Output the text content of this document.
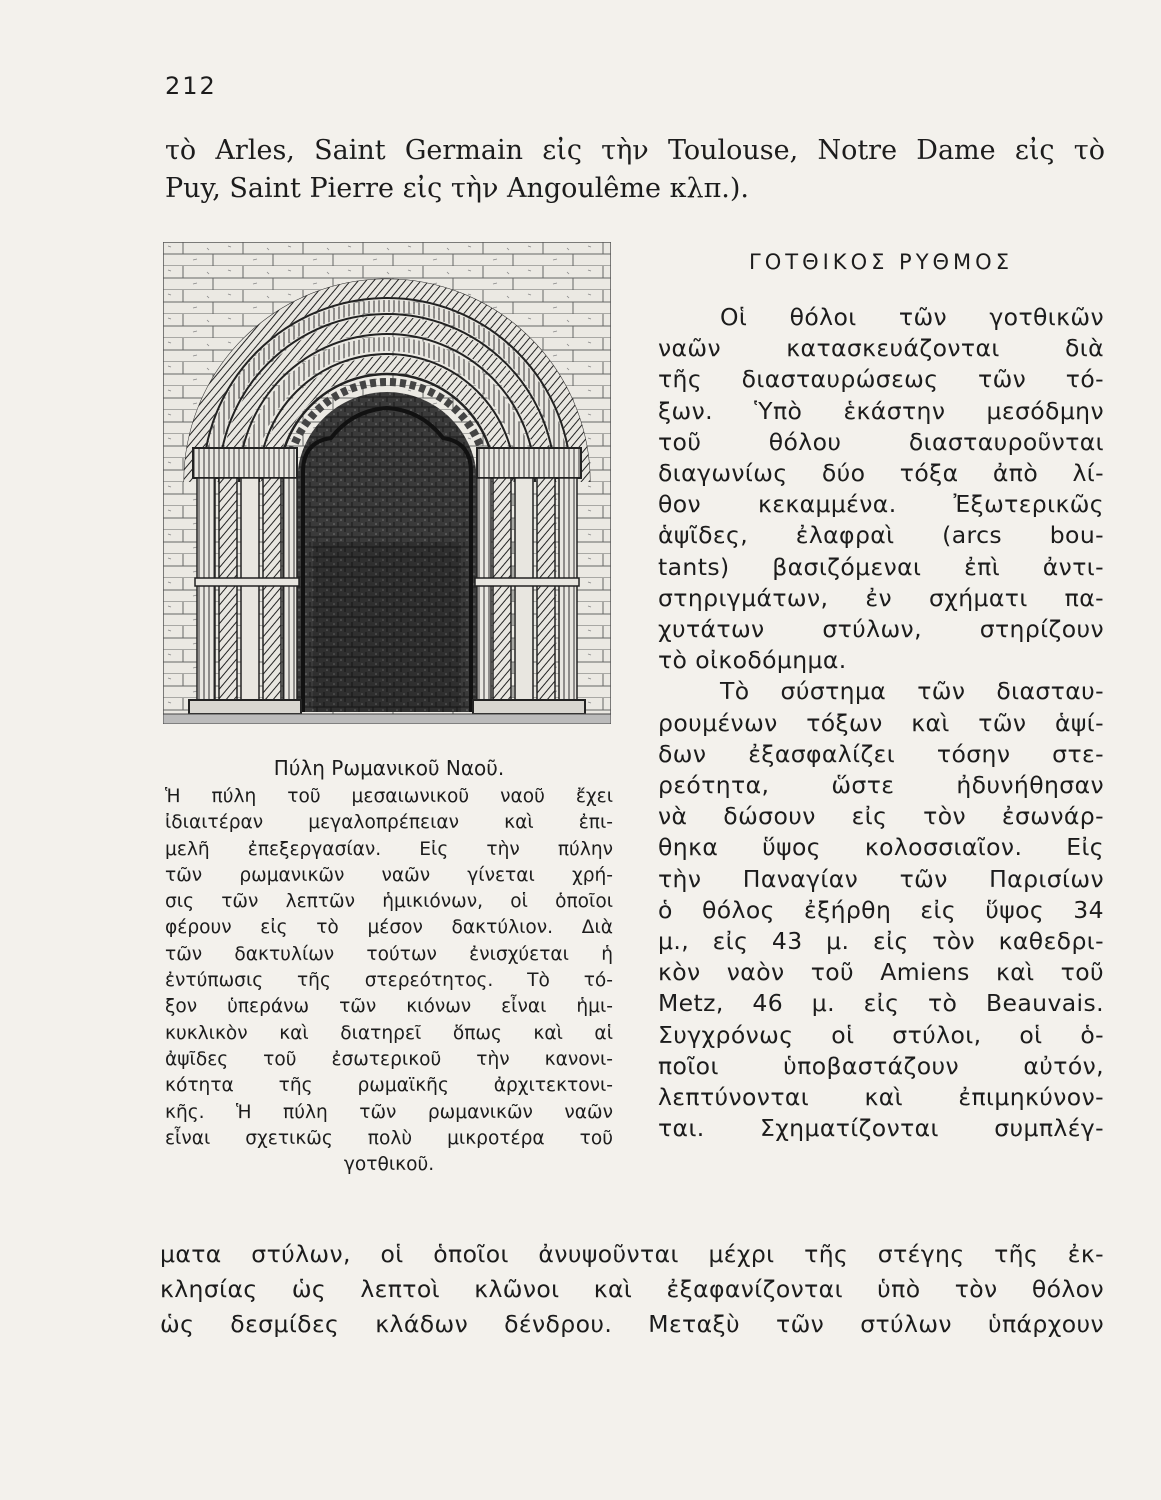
212
τὸ Arles, Saint Germain εἰς τὴν Toulouse, Notre Dame εἰς τὸ
Puy, Saint Pierre εἰς τὴν Angoulême κλπ.).
Πύλη Ρωμανικοῦ Ναοῦ.
Ἡ πύλη τοῦ μεσαιωνικοῦ ναοῦ ἔχει
ἰδιαιτέραν μεγαλοπρέπειαν καὶ ἐπι-
μελῆ ἐπεξεργασίαν. Εἰς τὴν πύλην
τῶν ρωμανικῶν ναῶν γίνεται χρή-
σις τῶν λεπτῶν ἡμικιόνων, οἱ ὁποῖοι
φέρουν εἰς τὸ μέσον δακτύλιον. Διὰ
τῶν δακτυλίων τούτων ἐνισχύεται ἡ
ἐντύπωσις τῆς στερεότητος. Τὸ τό-
ξον ὑπεράνω τῶν κιόνων εἶναι ἡμι-
κυκλικὸν καὶ διατηρεῖ ὅπως καὶ αἱ
ἀψῖδες τοῦ ἐσωτερικοῦ τὴν κανονι-
κότητα τῆς ρωμαϊκῆς ἀρχιτεκτονι-
κῆς. Ἡ πύλη τῶν ρωμανικῶν ναῶν
εἶναι σχετικῶς πολὺ μικροτέρα τοῦ
γοτθικοῦ.
ΓΟΤΘΙΚΟΣ ΡΥΘΜΟΣ
Οἱ θόλοι τῶν γοτθικῶν
ναῶν κατασκευάζονται διὰ
τῆς διασταυρώσεως τῶν τό-
ξων. Ὑπὸ ἑκάστην μεσόδμην
τοῦ θόλου διασταυροῦνται
διαγωνίως δύο τόξα ἀπὸ λί-
θον κεκαμμένα. Ἐξωτερικῶς
ἁψῖδες, ἐλαφραὶ (arcs bou-
tants) βασιζόμεναι ἐπὶ ἀντι-
στηριγμάτων, ἐν σχήματι πα-
χυτάτων στύλων, στηρίζουν
τὸ οἰκοδόμημα.
Τὸ σύστημα τῶν διασταυ-
ρουμένων τόξων καὶ τῶν ἁψί-
δων ἐξασφαλίζει τόσην στε-
ρεότητα, ὥστε ἠδυνήθησαν
νὰ δώσουν εἰς τὸν ἐσωνάρ-
θηκα ὕψος κολοσσιαῖον. Εἰς
τὴν Παναγίαν τῶν Παρισίων
ὁ θόλος ἐξήρθη εἰς ὕψος 34
μ., εἰς 43 μ. εἰς τὸν καθεδρι-
κὸν ναὸν τοῦ Amiens καὶ τοῦ
Metz, 46 μ. εἰς τὸ Beauvais.
Συγχρόνως οἱ στύλοι, οἱ ὁ-
ποῖοι ὑποβαστάζουν αὐτόν,
λεπτύνονται καὶ ἐπιμηκύνον-
ται. Σχηματίζονται συμπλέγ-
ματα στύλων, οἱ ὁποῖοι ἀνυψοῦνται μέχρι τῆς στέγης τῆς ἐκ-
κλησίας ὡς λεπτοὶ κλῶνοι καὶ ἐξαφανίζονται ὑπὸ τὸν θόλον
ὡς δεσμίδες κλάδων δένδρου. Μεταξὺ τῶν στύλων ὑπάρχουν
